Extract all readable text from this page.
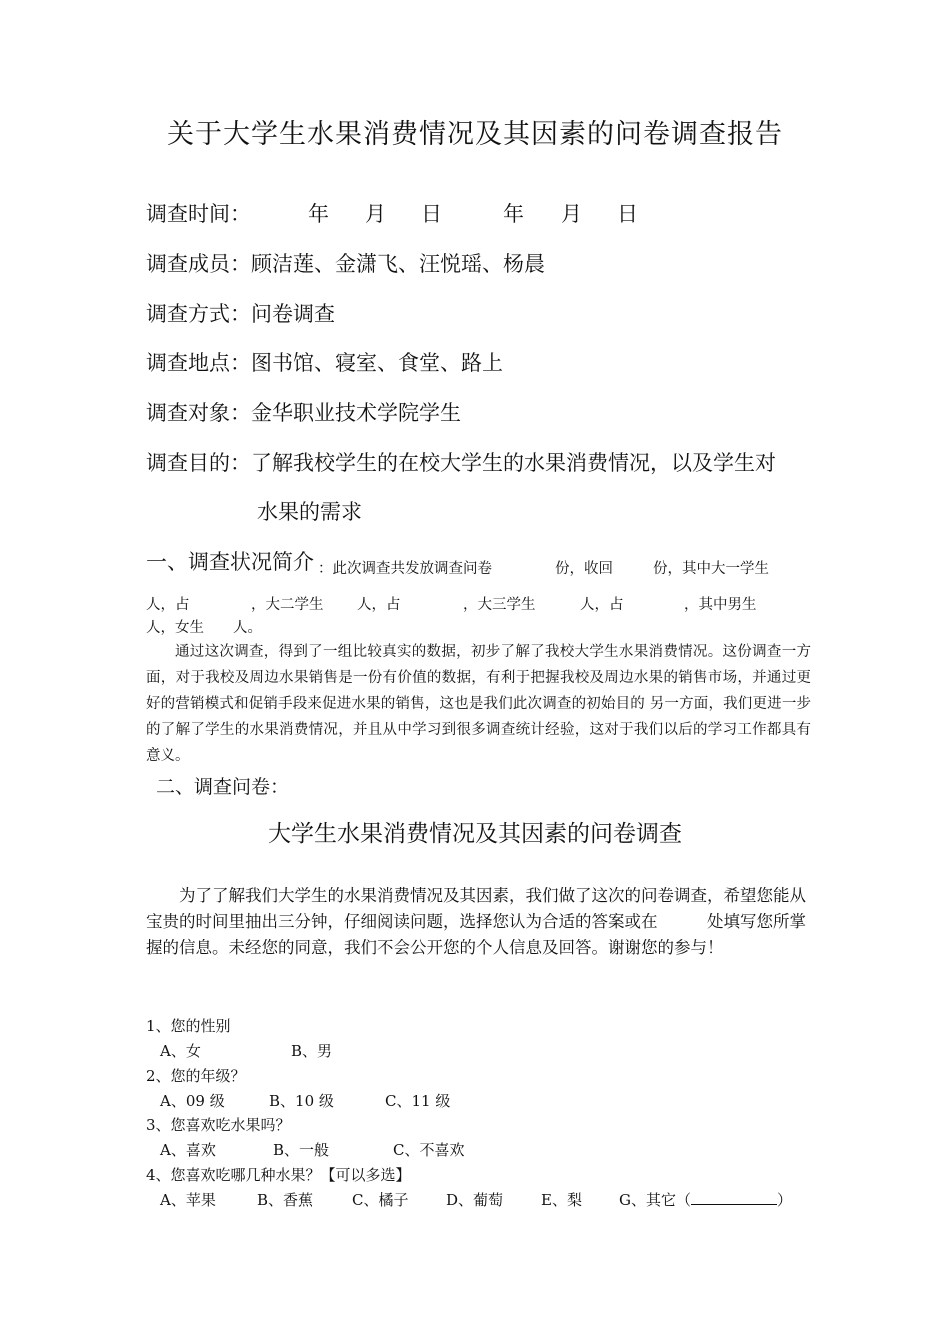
关于大学生水果消费情况及其因素的问卷调查报告
调查时间：	年 月 日	年 月 日
调查成员：顾洁莲、金潇飞、汪悦瑶、杨晨
调查方式：问卷调查
调查地点：图书馆、寝室、食堂、路上
调查对象：金华职业技术学院学生
调查目的：了解我校学生的在校大学生的水果消费情况，以及学生对
水果的需求
一、调查状况简介 ：此次调查共发放调查问卷	份，收回	份，其中大一学生
人，占	，大二学生 人，占	，大三学生	人，占	，其中男生
人，女生　　人。
通过这次调查，得到了一组比较真实的数据，初步了解了我校大学生水果消费情况。这份调查一方面，对于我校及周边水果销售是一份有价值的数据，有利于把握我校及周边水果的销售市场，并通过更好的营销模式和促销手段来促进水果的销售，这也是我们此次调查的初始目的 另一方面，我们更进一步的了解了学生的水果消费情况，并且从中学习到很多调查统计经验，这对于我们以后的学习工作都具有意义。
二、调查问卷：
大学生水果消费情况及其因素的问卷调查
为了了解我们大学生的水果消费情况及其因素，我们做了这次的问卷调查，希望您能从宝贵的时间里抽出三分钟，仔细阅读问题，选择您认为合适的答案或在　　　处填写您所掌握的信息。未经您的同意，我们不会公开您的个人信息及回答。谢谢您的参与！
1、您的性别
A、女	B、男
2、您的年级？
A、09 级	B、10 级	C、11 级
3、您喜欢吃水果吗？
A、喜欢	B、一般	C、不喜欢
4、您喜欢吃哪几种水果？【可以多选】
A、苹果	B、香蕉	C、橘子	D、葡萄	E、梨 G、其它（	）
